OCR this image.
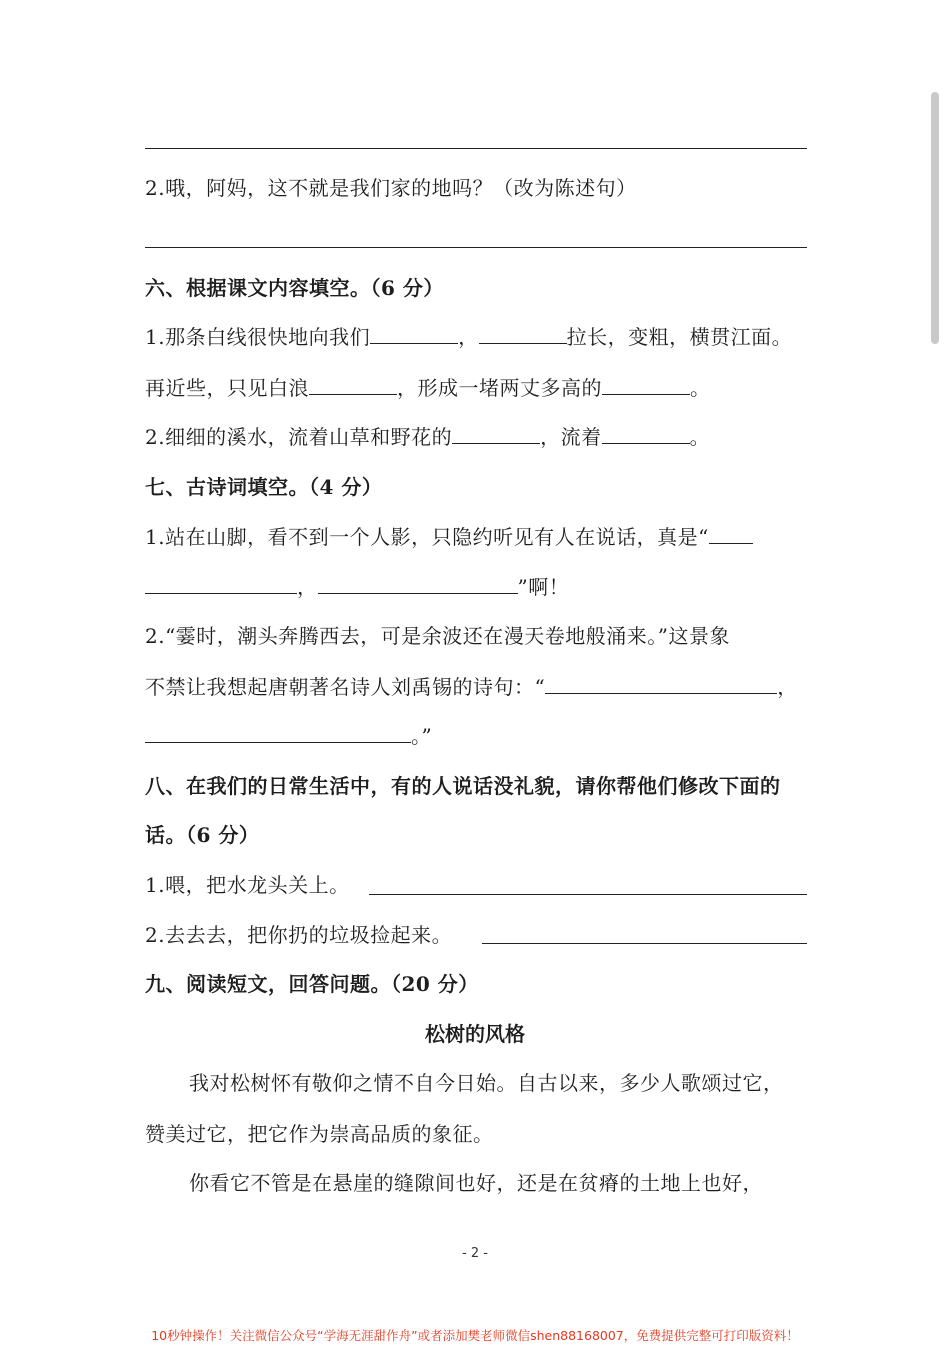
2.哦，阿妈，这不就是我们家的地吗？（改为陈述句）
六、根据课文内容填空。（6 分）
1.那条白线很快地向我们	，	拉长，变粗，横贯江面。
再近些，只见白浪	，形成一堵两丈多高的	。
2.细细的溪水，流着山草和野花的	，流着	。
七、古诗词填空。（4 分）
1.站在山脚，看不到一个人影，只隐约听见有人在说话，真是“
，	”啊！
2.“霎时，潮头奔腾西去，可是余波还在漫天卷地般涌来。”这景象
不禁让我想起唐朝著名诗人刘禹锡的诗句：“	，
。”
八、在我们的日常生活中，有的人说话没礼貌，请你帮他们修改下面的
话。（6 分）
1.喂，把水龙头关上。
2.去去去，把你扔的垃圾捡起来。
九、阅读短文，回答问题。（20 分）
松树的风格
我对松树怀有敬仰之情不自今日始。自古以来，多少人歌颂过它，
赞美过它，把它作为崇高品质的象征。
你看它不管是在悬崖的缝隙间也好，还是在贫瘠的土地上也好，
- 2 -
10秒钟操作！关注微信公众号“学海无涯甜作舟”或者添加樊老师微信shen88168007，免费提供完整可打印版资料！
